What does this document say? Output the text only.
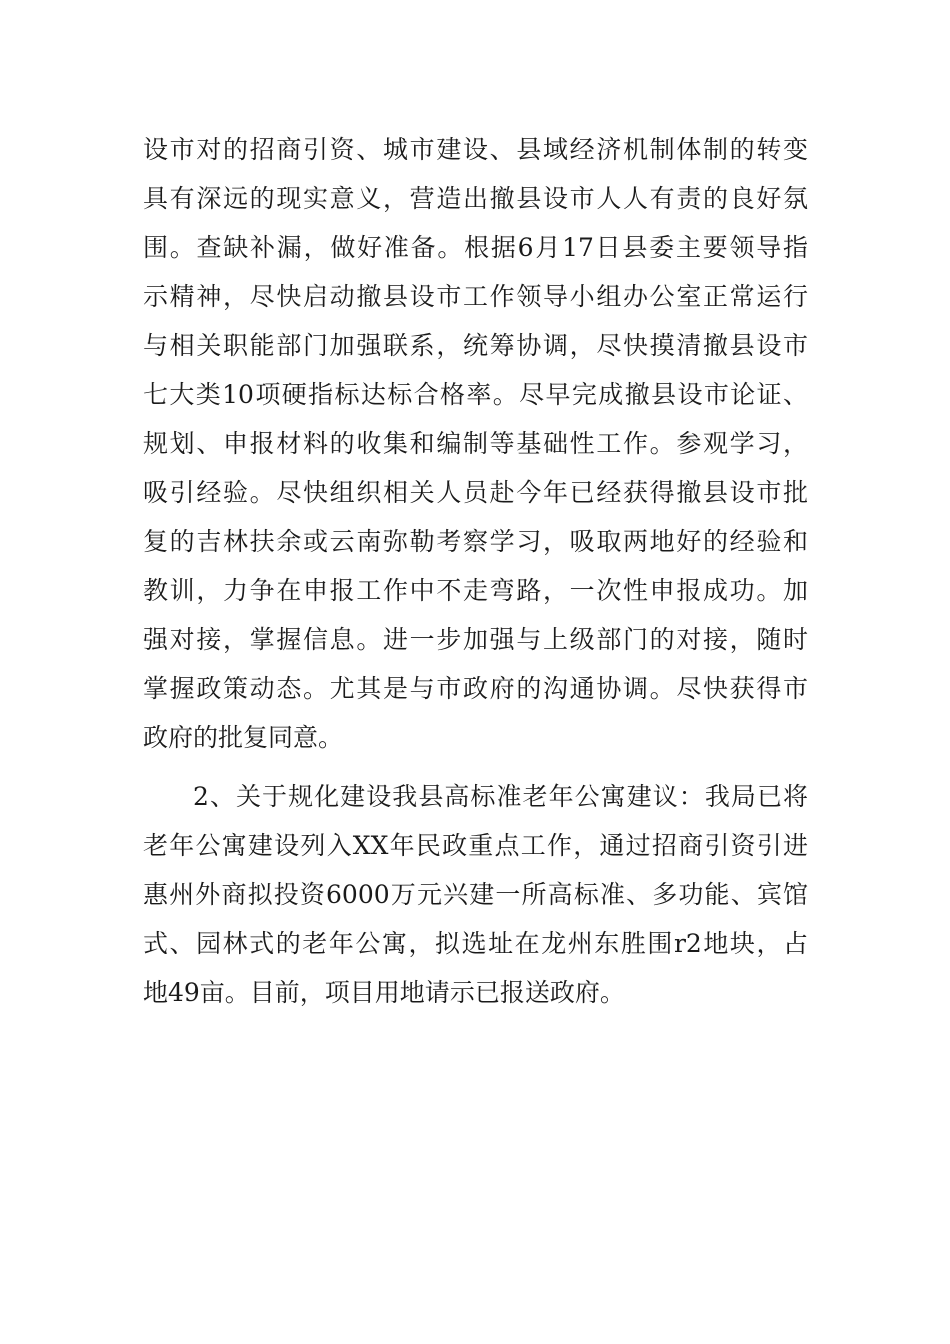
设市对的招商引资、城市建设、县域经济机制体制的转变
具有深远的现实意义，营造出撤县设市人人有责的良好氛
围。查缺补漏，做好准备。根据6月17日县委主要领导指
示精神，尽快启动撤县设市工作领导小组办公室正常运行
与相关职能部门加强联系，统筹协调，尽快摸清撤县设市
七大类10项硬指标达标合格率。尽早完成撤县设市论证、
规划、申报材料的收集和编制等基础性工作。参观学习，
吸引经验。尽快组织相关人员赴今年已经获得撤县设市批
复的吉林扶余或云南弥勒考察学习，吸取两地好的经验和
教训，力争在申报工作中不走弯路，一次性申报成功。加
强对接，掌握信息。进一步加强与上级部门的对接，随时
掌握政策动态。尤其是与市政府的沟通协调。尽快获得市
政府的批复同意。
2、关于规化建设我县高标准老年公寓建议：我局已将
老年公寓建设列入XX年民政重点工作，通过招商引资引进
惠州外商拟投资6000万元兴建一所高标准、多功能、宾馆
式、园林式的老年公寓，拟选址在龙州东胜围r2地块，占
地49亩。目前，项目用地请示已报送政府。
